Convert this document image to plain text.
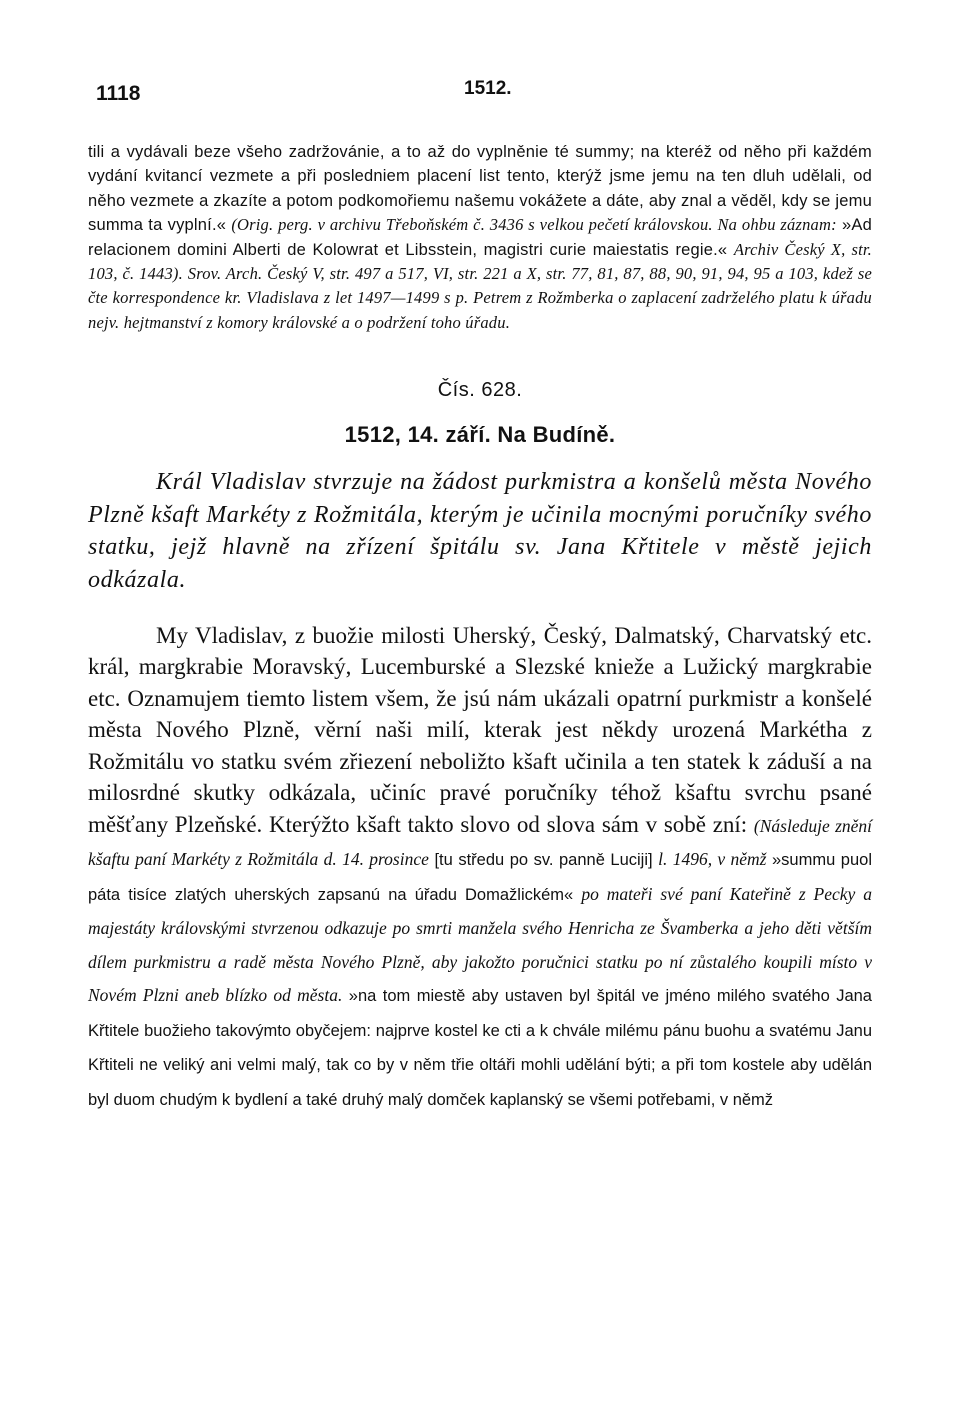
1118	1512.
tili a vydávali beze všeho zadržovánie, a to až do vyplněnie té summy; na kteréž od něho při každém vydání kvitancí vezmete a při posledniem placení list tento, kterýž jsme jemu na ten dluh udělali, od něho vezmete a zkazíte a potom podkomořiemu našemu vokážete a dáte, aby znal a věděl, kdy se jemu summa ta vyplní.« (Orig. perg. v archivu Třeboňském č. 3436 s velkou pečetí královskou. Na ohbu záznam: »Ad relacionem domini Alberti de Kolowrat et Libsstein, magistri curie maiestatis regie.« Archiv Český X, str. 103, č. 1443). Srov. Arch. Český V, str. 497 a 517, VI, str. 221 a X, str. 77, 81, 87, 88, 90, 91, 94, 95 a 103, kdež se čte korrespondence kr. Vladislava z let 1497—1499 s p. Petrem z Rožmberka o zaplacení zadrželého platu k úřadu nejv. hejtmanství z komory královské a o podržení toho úřadu.
Čís. 628.
1512, 14. září. Na Budíně.
Král Vladislav stvrzuje na žádost purkmistra a konšelů města Nového Plzně kšaft Markéty z Rožmitála, kterým je učinila mocnými poručníky svého statku, jejž hlavně na zřízení špitálu sv. Jana Křtitele v městě jejich odkázala.
My Vladislav, z buožie milosti Uherský, Český, Dalmatský, Charvatský etc. král, margkrabie Moravský, Lucemburské a Slezské knieže a Lužický margkrabie etc. Oznamujem tiemto listem všem, že jsú nám ukázali opatrní purkmistr a konšelé města Nového Plzně, věrní naši milí, kterak jest někdy urozená Markétha z Rožmitálu vo statku svém zřiezení neboližto kšaft učinila a ten statek k záduší a na milosrdné skutky odkázala, učiníc pravé poručníky téhož kšaftu svrchu psané měšťany Plzeňské. Kterýžto kšaft takto slovo od slova sám v sobě zní: (Následuje znění kšaftu paní Markéty z Rožmitála d. 14. prosince [tu středu po sv. panně Luciji] l. 1496, v němž »summu puol páta tisíce zlatých uherských zapsanú na úřadu Domažlickém« po mateři své paní Kateřině z Pecky a majestáty královskými stvrzenou odkazuje po smrti manžela svého Henricha ze Švamberka a jeho děti větším dílem purkmistru a radě města Nového Plzně, aby jakožto poručnici statku po ní zůstalého koupili místo v Novém Plzni aneb blízko od města. »na tom miestě aby ustaven byl špitál ve jméno milého svatého Jana Křtitele buožieho takovýmto obyčejem: najprve kostel ke cti a k chvále milému pánu buohu a svatému Janu Křtiteli ne veliký ani velmi malý, tak co by v něm třie oltáři mohli udělání býti; a při tom kostele aby udělán byl duom chudým k bydlení a také druhý malý domček kaplanský se všemi potřebami, v němž
